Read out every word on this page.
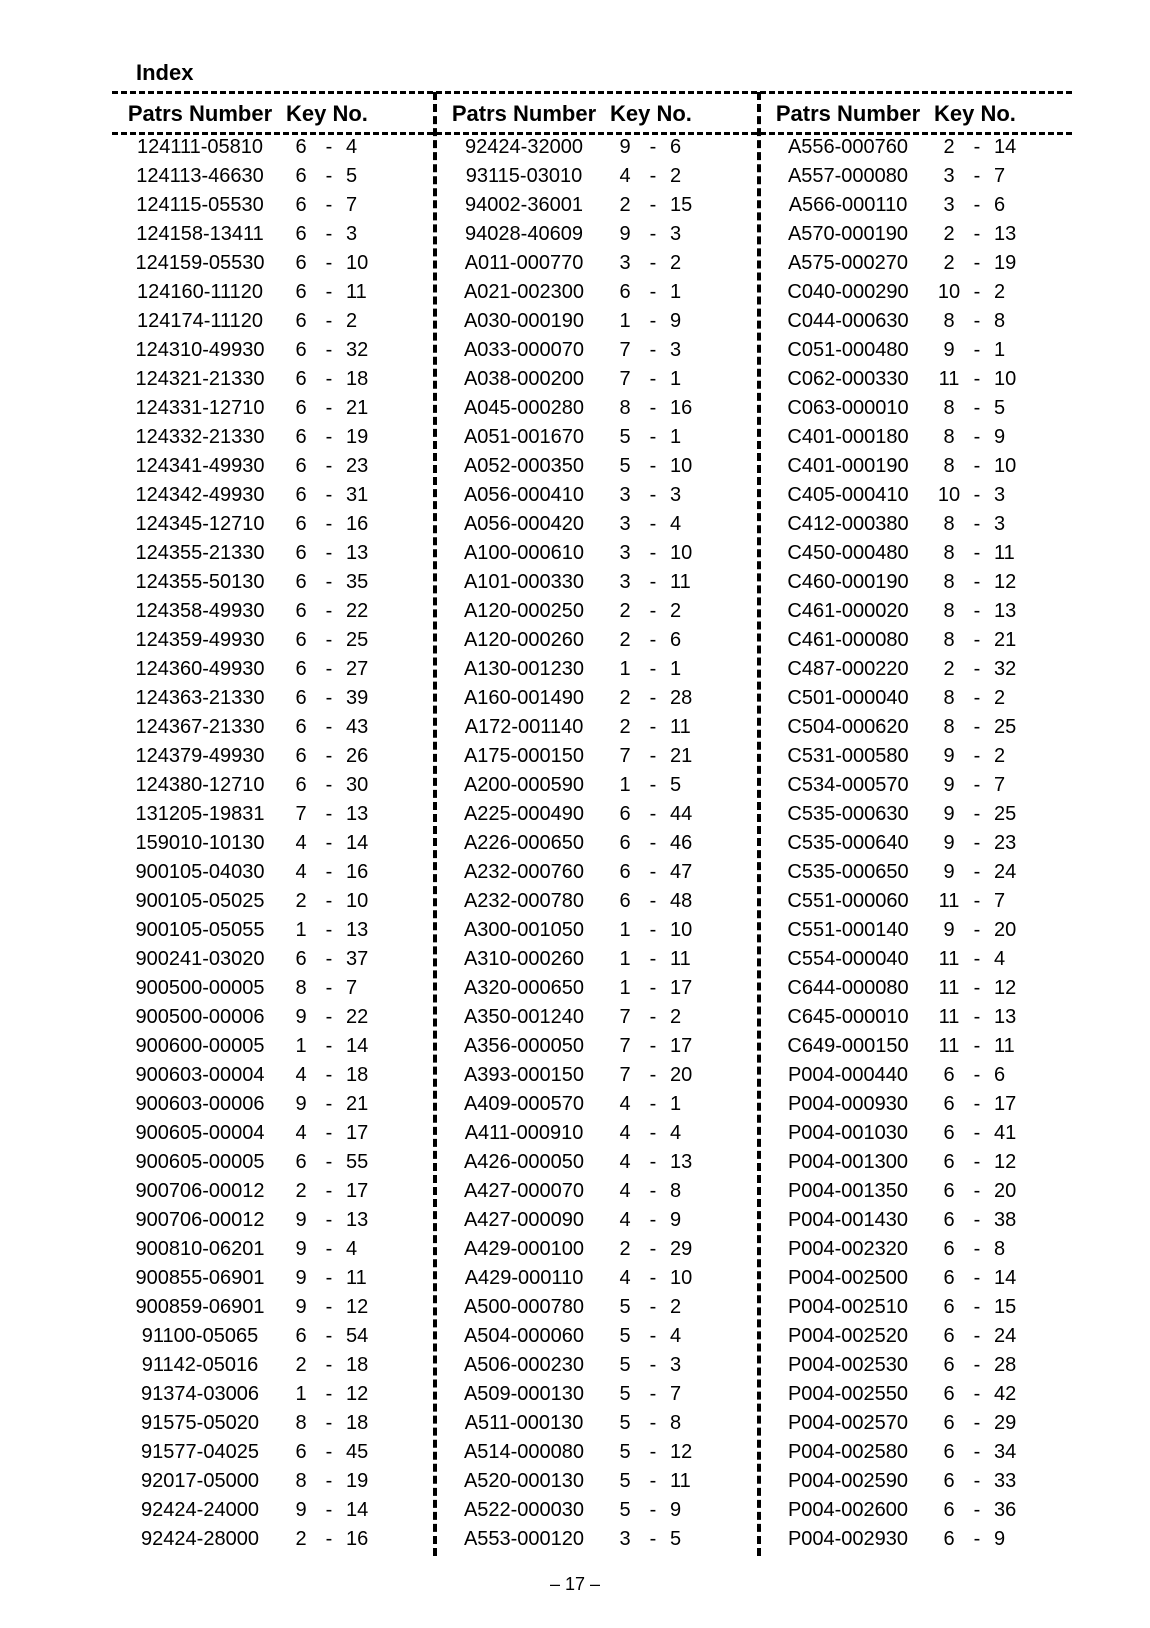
Index
Patrs Number Key No.
124111-05810	6 - 4
124113-46630	6 - 5
124115-05530	6 - 7
124158-13411	6 - 3
124159-05530	6 - 10
124160-11120	6 - 11
124174-11120	6 - 2
124310-49930	6 - 32
124321-21330	6 - 18
124331-12710	6 - 21
124332-21330	6 - 19
124341-49930	6 - 23
124342-49930	6 - 31
124345-12710	6 - 16
124355-21330	6 - 13
124355-50130	6 - 35
124358-49930	6 - 22
124359-49930	6 - 25
124360-49930	6 - 27
124363-21330	6 - 39
124367-21330	6 - 43
124379-49930	6 - 26
124380-12710	6 - 30
131205-19831	7 - 13
159010-10130	4 - 14
900105-04030	4 - 16
900105-05025	2 - 10
900105-05055	1 - 13
900241-03020	6 - 37
900500-00005	8 - 7
900500-00006	9 - 22
900600-00005	1 - 14
900603-00004	4 - 18
900603-00006	9 - 21
900605-00004	4 - 17
900605-00005	6 - 55
900706-00012	2 - 17
900706-00012	9 - 13
900810-06201	9 - 4
900855-06901	9 - 11
900859-06901	9 - 12
91100-05065	6 - 54
91142-05016	2 - 18
91374-03006	1 - 12
91575-05020	8 - 18
91577-04025	6 - 45
92017-05000	8 - 19
92424-24000	9 - 14
92424-28000	2 - 16
Patrs Number Key No.
92424-32000	9 - 6
93115-03010	4 - 2
94002-36001	2 - 15
94028-40609	9 - 3
A011-000770	3 - 2
A021-002300	6 - 1
A030-000190	1 - 9
A033-000070	7 - 3
A038-000200	7 - 1
A045-000280	8 - 16
A051-001670	5 - 1
A052-000350	5 - 10
A056-000410	3 - 3
A056-000420	3 - 4
A100-000610	3 - 10
A101-000330	3 - 11
A120-000250	2 - 2
A120-000260	2 - 6
A130-001230	1 - 1
A160-001490	2 - 28
A172-001140	2 - 11
A175-000150	7 - 21
A200-000590	1 - 5
A225-000490	6 - 44
A226-000650	6 - 46
A232-000760	6 - 47
A232-000780	6 - 48
A300-001050	1 - 10
A310-000260	1 - 11
A320-000650	1 - 17
A350-001240	7 - 2
A356-000050	7 - 17
A393-000150	7 - 20
A409-000570	4 - 1
A411-000910	4 - 4
A426-000050	4 - 13
A427-000070	4 - 8
A427-000090	4 - 9
A429-000100	2 - 29
A429-000110	4 - 10
A500-000780	5 - 2
A504-000060	5 - 4
A506-000230	5 - 3
A509-000130	5 - 7
A511-000130	5 - 8
A514-000080	5 - 12
A520-000130	5 - 11
A522-000030	5 - 9
A553-000120	3 - 5
Patrs Number Key No.
A556-000760	2 - 14
A557-000080	3 - 7
A566-000110	3 - 6
A570-000190	2 - 13
A575-000270	2 - 19
C040-000290	10 - 2
C044-000630	8 - 8
C051-000480	9 - 1
C062-000330	11 - 10
C063-000010	8 - 5
C401-000180	8 - 9
C401-000190	8 - 10
C405-000410	10 - 3
C412-000380	8 - 3
C450-000480	8 - 11
C460-000190	8 - 12
C461-000020	8 - 13
C461-000080	8 - 21
C487-000220	2 - 32
C501-000040	8 - 2
C504-000620	8 - 25
C531-000580	9 - 2
C534-000570	9 - 7
C535-000630	9 - 25
C535-000640	9 - 23
C535-000650	9 - 24
C551-000060	11 - 7
C551-000140	9 - 20
C554-000040	11 - 4
C644-000080	11 - 12
C645-000010	11 - 13
C649-000150	11 - 11
P004-000440	6 - 6
P004-000930	6 - 17
P004-001030	6 - 41
P004-001300	6 - 12
P004-001350	6 - 20
P004-001430	6 - 38
P004-002320	6 - 8
P004-002500	6 - 14
P004-002510	6 - 15
P004-002520	6 - 24
P004-002530	6 - 28
P004-002550	6 - 42
P004-002570	6 - 29
P004-002580	6 - 34
P004-002590	6 - 33
P004-002600	6 - 36
P004-002930	6 - 9
– 17 –
